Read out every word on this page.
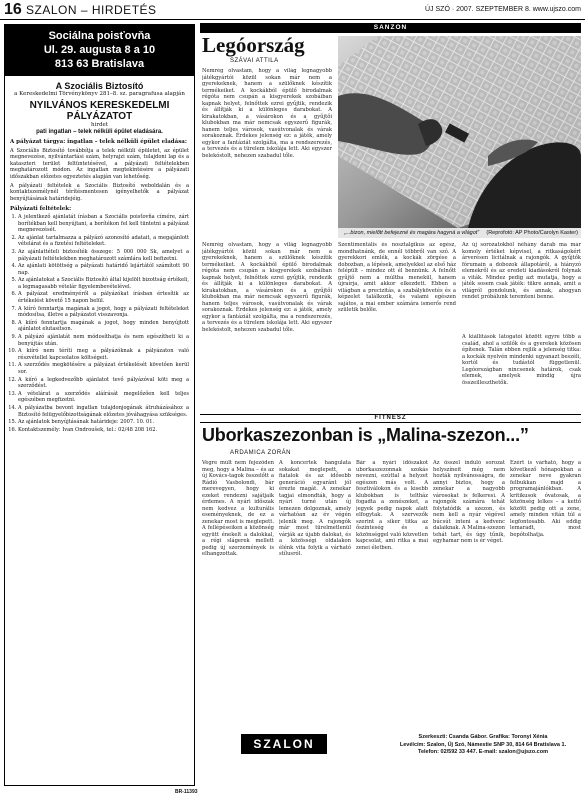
16 SZALON – HIRDETÉS	ÚJ SZÓ · 2007. SZEPTEMBER 8. www.ujszo.com
Sociálna poisťovňa
Ul. 29. augusta 8 a 10
813 63 Bratislava
A Szociális Biztosító
a Kereskedelmi Törvénykönyv 281–8. sz. paragrafusa alapján
NYILVÁNOS KERESKEDELMI PÁLYÁZATOT
hirdet
pati ingatlan – telek nélküli épület eladására.
A pályázat tárgya: ingatlan – telek nélküli épület eladása:

A Szociális Biztosító továbbítja a telek nélküli épületet, az épület megnevezése, nyilvántartási szám, helyrajzi szám, tulajdoni lap és a kataszteri terület feltüntetésével, a pályázati feltételekben meghatározott módon. Az ingatlan megtekintésére a pályázati időszakban előzetes egyeztetés alapján van lehetőség.

A pályázati feltételek a Szociális Biztosító weboldalán és a kontaktszemélynél térítésmentesen igényelhetők a pályázat benyújtásának határidejéig.

Pályázati feltételek:
1. A jelentkező ajánlatát írásban a Szociális poisťovňa címére, zárt borítékban kell benyújtani, a borítékon fel kell tüntetni a pályázat megnevezését.
2. Az ajánlat tartalmazza a pályázó azonosító adatait, a megajánlott vételárat és a fizetési feltételeket.
3. Az ajánlattételi biztosíték összege: 5 000 000 Sk, amelyet a pályázati feltételekben meghatározott számlára kell befizetni.
4. Az ajánlati kötöttség a pályázati határidő lejártától számított 90 nap.
5. Az ajánlatokat a Szociális Biztosító által kijelölt bizottság értékeli, a legmagasabb vételár figyelembevételével.
6. A pályázat eredményéről a pályázókat írásban értesítik az értékelést követő 15 napon belül.
7. A kiíró fenntartja magának a jogot, hogy a pályázati feltételeket módosítsa, illetve a pályázatot visszavonja.
8. A kiíró fenntartja magának a jogot, hogy minden benyújtott ajánlatot elutasítson.
9. A pályázó ajánlatát nem módosíthatja és nem egészítheti ki a benyújtás után.
10. A kiíró nem téríti meg a pályázóknak a pályázaton való részvétellel kapcsolatos költségeit.
11. A szerződés megkötésére a pályázat értékelését követően kerül sor.
12. A kiíró a legkedvezőbb ajánlatot tevő pályázóval köti meg a szerződést.
13. A vételárat a szerződés aláírását megelőzően kell teljes egészében megfizetni.
14. A pályázatba bevont ingatlan tulajdonjogának átruházásához a Biztosító felügyelőbizottságának előzetes jóváhagyása szükséges.
15. Az ajánlatok benyújtásának határideje: 2007. 10. 01.
16. Kontaktszemély: Ivan Ondroušek, tel.: 02/48 208 162.
BR-11393
SANZON
Legóország
SZÁVAI ATTILA
Nemrég olvastam, hogy a világ legnagyobb játékgyártói közül sokan már nem a gyerekeknek, hanem a szülőknek készítik termékeiket. A kockákból épülő birodalmak régóta nem csupán a kisgyerekek szobáiban kapnak helyet, felnőttek ezrei gyűjtik, rendezik és állítják ki a különleges darabokat. A kirakatokban, a vásárokon és a gyűjtői klubokban ma már nemcsak egyszerű figurák, hanem teljes városok, vasútvonalak és várak sorakoznak. Érdekes jelenség ez: a játék, amely egykor a fantáziát szolgálta, ma a rendszerezés, a tervezés és a türelem iskolája lett. Aki egyszer belekóstolt, nehezen szabadul tőle.
„...bizon, mielőtt befejezné és magára hagyná a világot” (Reprofotó: AP Photo/Carolyn Kaster)
Nemrég olvastam, hogy a világ legnagyobb játékgyártói közül sokan már nem a gyerekeknek, hanem a szülőknek készítik termékeiket. A kockákból épülő birodalmak régóta nem csupán a kisgyerekek szobáiban kapnak helyet, felnőttek ezrei gyűjtik, rendezik és állítják ki a különleges darabokat. A kirakatokban, a vásárokon és a gyűjtői klubokban ma már nemcsak egyszerű figurák, hanem teljes városok, vasútvonalak és várak sorakoznak. Érdekes jelenség ez: a játék, amely egykor a fantáziát szolgálta, ma a rendszerezés, a tervezés és a türelem iskolája lett. Aki egyszer belekóstolt, nehezen szabadul tőle.
Szentimentális és nosztalgikus az egész, mondhatnánk, de ennél többről van szó. A gyerekkori emlék, a kockák zörgése a dobozban, a lépések, amelyekkel az első ház felépült – mindez ott él bennünk. A felnőtt gyűjtő nem a múltba menekül, hanem újraírja, amit akkor elkezdett. Ebben a világban a precizitás, a szabálykövetés és a képzelet találkozik, és valami egészen sajátos, a mai ember számára ismerős rend születik belőle.
Az új sorozatokból néhány darab ma már komoly értéket képvisel, a ritkaságokért árverésen licitálnak a rajongók. A gyűjtők fórumain a dobozok állapotáról, a hiányzó elemekről és az eredeti kiadásokról folynak a viták. Mindez pedig azt mutatja, hogy a játék sosem csak játék: tükre annak, amit a világról gondolunk, és annak, ahogyan rendet próbálunk teremteni benne.
A kiállítások látogatói között egyre több a család, ahol a szülők és a gyerekek közösen építenek. Talán ebben rejlik a jelenség titka: a kockák nyelvén mindenki ugyanazt beszéli, kortól és tudástól függetlenül. Legóországban nincsenek határok, csak elemek, amelyek mindig újra összeilleszthetők.
FITNESZ
Uborkaszezonban is „Malina-szezon...”
ARDAMICA ZORÁN
Végre múlt nem fejeződen meg, hogy a Malina – és az új Kovács-tagok összelőtt a Rádió Vasbolondi, bár merevegyen, hogy ki ezeket rendezni sajátjaik érdemes. A nyári időszak nem kedvez a kulturális eseményeknek, de ez a zenekar most is meglepett. A fellépéseiken a közönség együtt énekelt a dalokkal, a régi slágerek mellett pedig új szerzemények is elhangzottak.
A koncertek hangulata sokakat meglepett, a fiatalok és az idősebb generáció egyaránt jól érezte magát. A zenekar tagjai elmondták, hogy a nyári turné után új lemezen dolgoznak, amely várhatóan az év végén jelenik meg. A rajongók már most türelmetlenül várják az újabb dalokat, és a közösségi oldalakon élénk vita folyik a várható stílusról.
Bár a nyári időszakot uborkaszezonnak szokás nevezni, ezúttal a helyzet egészen más volt. A fesztiválokon és a kisebb klubokban is teltház fogadta a zenészeket, a jegyek pedig napok alatt elfogytak. A szervezők szerint a siker titka az őszinteség és a közönséggel való közvetlen kapcsolat, ami ritka a mai zenei életben.
Az ősszel induló sorozat helyszíneit még nem hozták nyilvánosságra, de annyi biztos, hogy a zenekar a nagyobb városokat is felkeresi. A rajongók számára tehát folytatódik a szezon, és nem kell a nyár végével búcsút inteni a kedvenc dalaiknak. A Malina-szezon tehát tart, és úgy tűnik, egyhamar nem is ér véget.
Ezért is várható, hogy a következő hónapokban a zenekar neve gyakran felbukkan majd a programajánlókban. A kritikusok óvatosak, a közönség lelkes – a kettő között pedig ott a zene, amely minden vitán túl a legfontosabb. Aki eddig lemaradt, most bepótolhatja.
SZALON	Szerkeszti: Csanda Gábor. Grafika: Toronyi Xénia
Levélcím: Szalon, Új Szó, Námestie SNP 30, 814 64 Bratislava 1.
Telefon: 02/592 33 447. E-mail: szalon@ujszo.com
